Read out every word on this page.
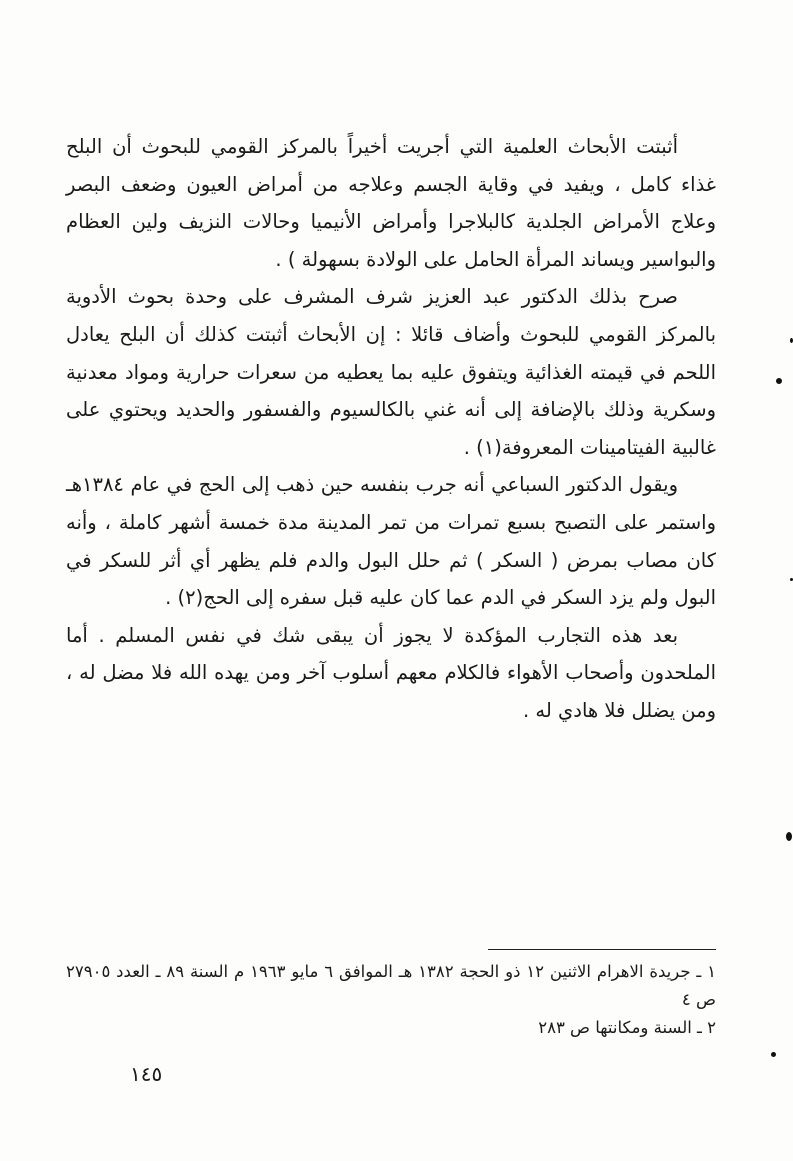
أثبتت الأبحاث العلمية التي أجريت أخيراً بالمركز القومي للبحوث أن البلح غذاء كامل ، ويفيد في وقاية الجسم وعلاجه من أمراض العيون وضعف البصر وعلاج الأمراض الجلدية كالبلاجرا وأمراض الأنيميا وحالات النزيف ولين العظام والبواسير ويساند المرأة الحامل على الولادة بسهولة ) .

صرح بذلك الدكتور عبد العزيز شرف المشرف على وحدة بحوث الأدوية بالمركز القومي للبحوث وأضاف قائلا : إن الأبحاث أثبتت كذلك أن البلح يعادل اللحم في قيمته الغذائية ويتفوق عليه بما يعطيه من سعرات حرارية ومواد معدنية وسكرية وذلك بالإضافة إلى أنه غني بالكالسيوم والفسفور والحديد ويحتوي على غالبية الفيتامينات المعروفة(١) .

ويقول الدكتور السباعي أنه جرب بنفسه حين ذهب إلى الحج في عام ١٣٨٤هـ واستمر على التصبح بسبع تمرات من تمر المدينة مدة خمسة أشهر كاملة ، وأنه كان مصاب بمرض ( السكر ) ثم حلل البول والدم فلم يظهر أي أثر للسكر في البول ولم يزد السكر في الدم عما كان عليه قبل سفره إلى الحج(٢) .

بعد هذه التجارب المؤكدة لا يجوز أن يبقى شك في نفس المسلم . أما الملحدون وأصحاب الأهواء فالكلام معهم أسلوب آخر ومن يهده الله فلا مضل له ، ومن يضلل فلا هادي له .

١ ـ جريدة الاهرام الاثنين ١٢ ذو الحجة ١٣٨٢ هـ الموافق ٦ مايو ١٩٦٣ م السنة ٨٩ ـ العدد ٢٧٩٠٥ ص ٤

٢ ـ السنة ومكانتها ص ٢٨٣

١٤٥
